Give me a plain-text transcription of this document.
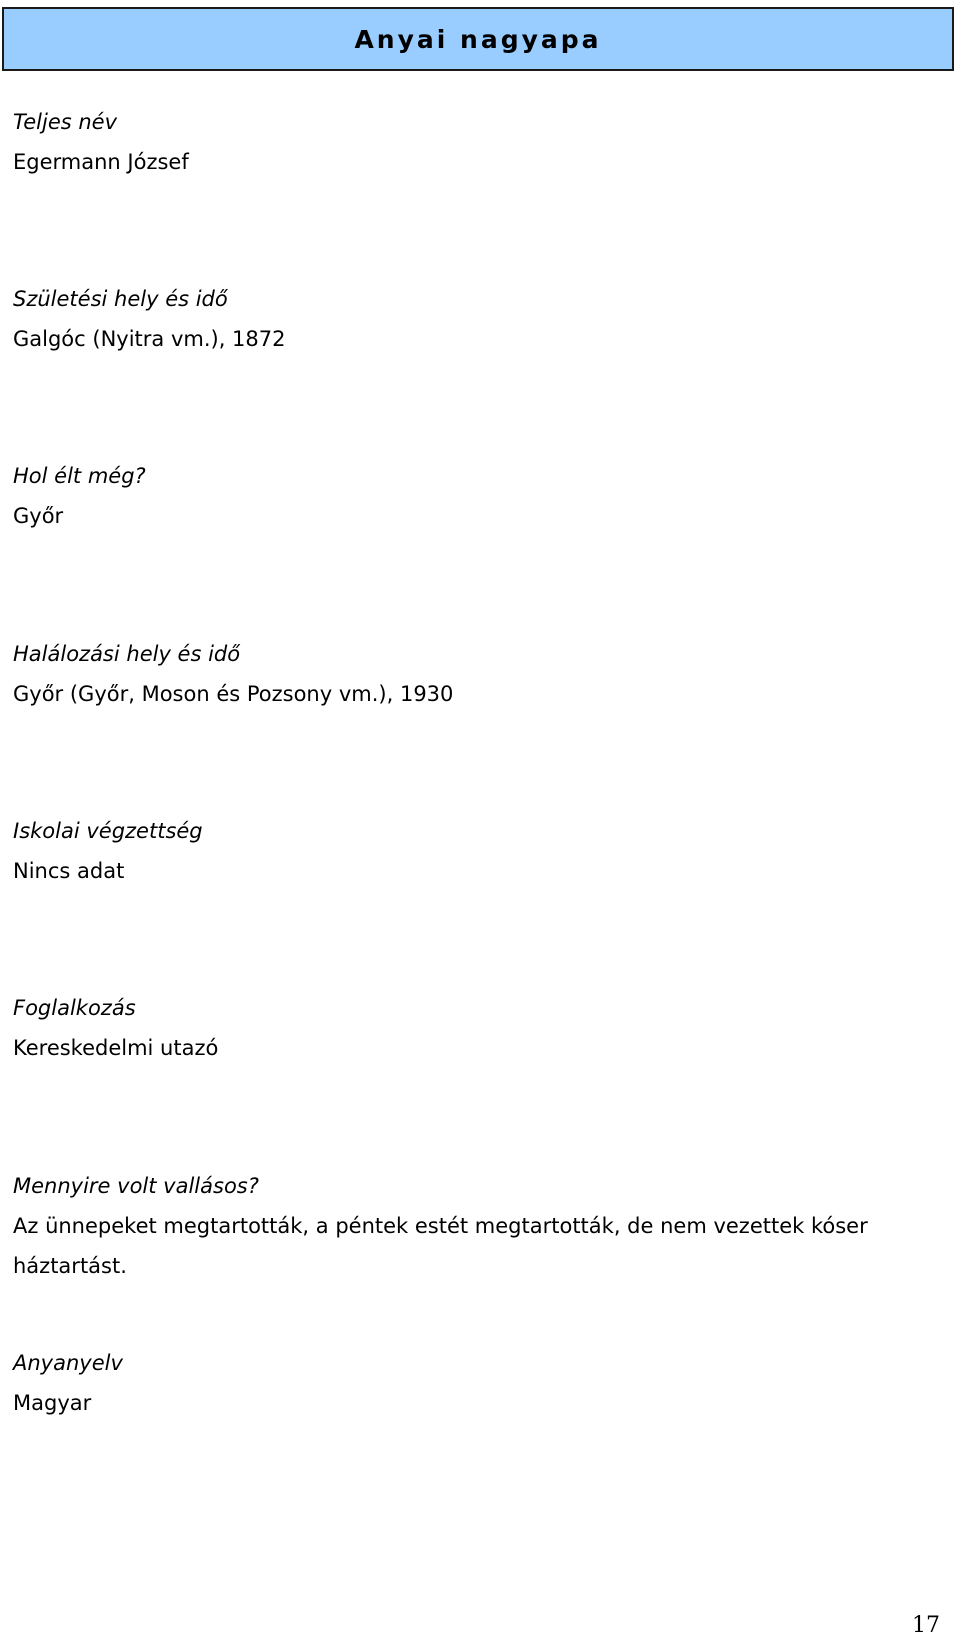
Anyai nagyapa
Teljes név
Egermann József
Születési hely és idő
Galgóc (Nyitra vm.), 1872
Hol élt még?
Győr
Halálozási hely és idő
Győr (Győr, Moson és Pozsony vm.), 1930
Iskolai végzettség
Nincs adat
Foglalkozás
Kereskedelmi utazó
Mennyire volt vallásos?
Az ünnepeket megtartották, a péntek estét megtartották, de nem vezettek kóser háztartást.
Anyanyelv
Magyar
17
